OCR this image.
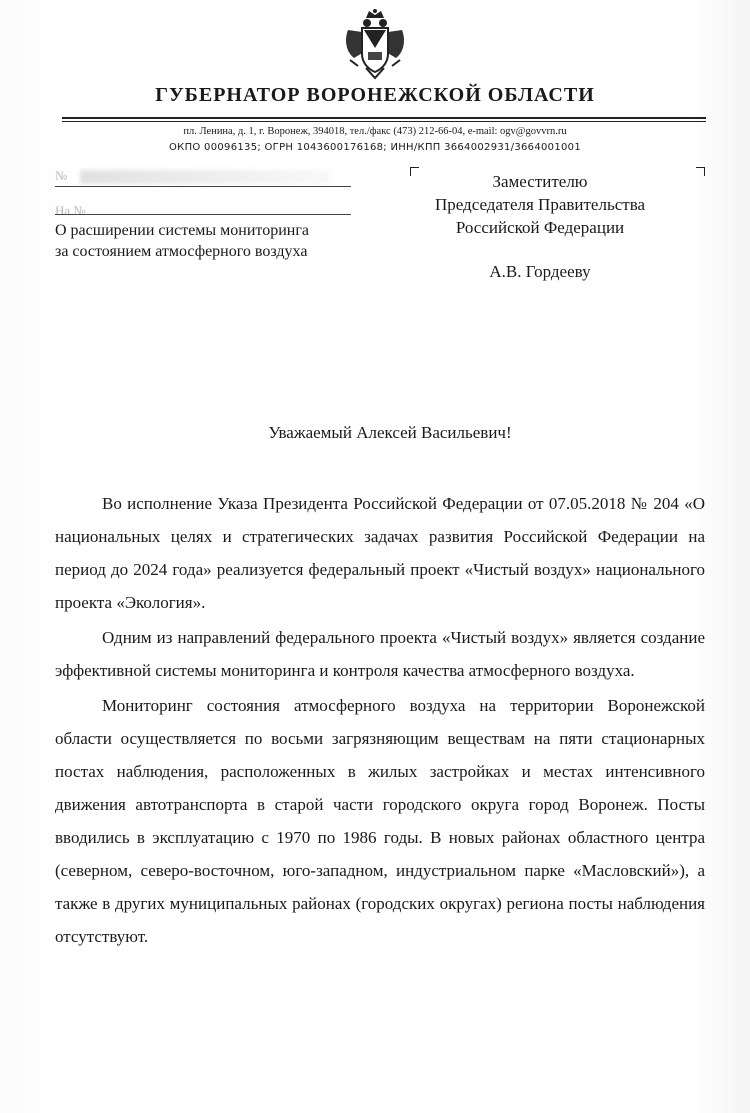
ГУБЕРНАТОР ВОРОНЕЖСКОЙ ОБЛАСТИ
пл. Ленина, д. 1, г. Воронеж, 394018, тел./факс (473) 212-66-04, e-mail: ogv@govvrn.ru
ОКПО 00096135; ОГРН 1043600176168; ИНН/КПП 3664002931/3664001001
№
На №
О расширении системы мониторинга за состоянием атмосферного воздуха
Заместителю
Председателя Правительства
Российской Федерации
А.В. Гордееву
Уважаемый Алексей Васильевич!

Во исполнение Указа Президента Российской Федерации от 07.05.2018 № 204 «О национальных целях и стратегических задачах развития Российской Федерации на период до 2024 года» реализуется федеральный проект «Чистый воздух» национального проекта «Экология».

Одним из направлений федерального проекта «Чистый воздух» является создание эффективной системы мониторинга и контроля качества атмосферного воздуха.

Мониторинг состояния атмосферного воздуха на территории Воронежской области осуществляется по восьми загрязняющим веществам на пяти стационарных постах наблюдения, расположенных в жилых застройках и местах интенсивного движения автотранспорта в старой части городского округа город Воронеж. Посты вводились в эксплуатацию с 1970 по 1986 годы. В новых районах областного центра (северном, северо-восточном, юго-западном, индустриальном парке «Масловский»), а также в других муниципальных районах (городских округах) региона посты наблюдения отсутствуют.
